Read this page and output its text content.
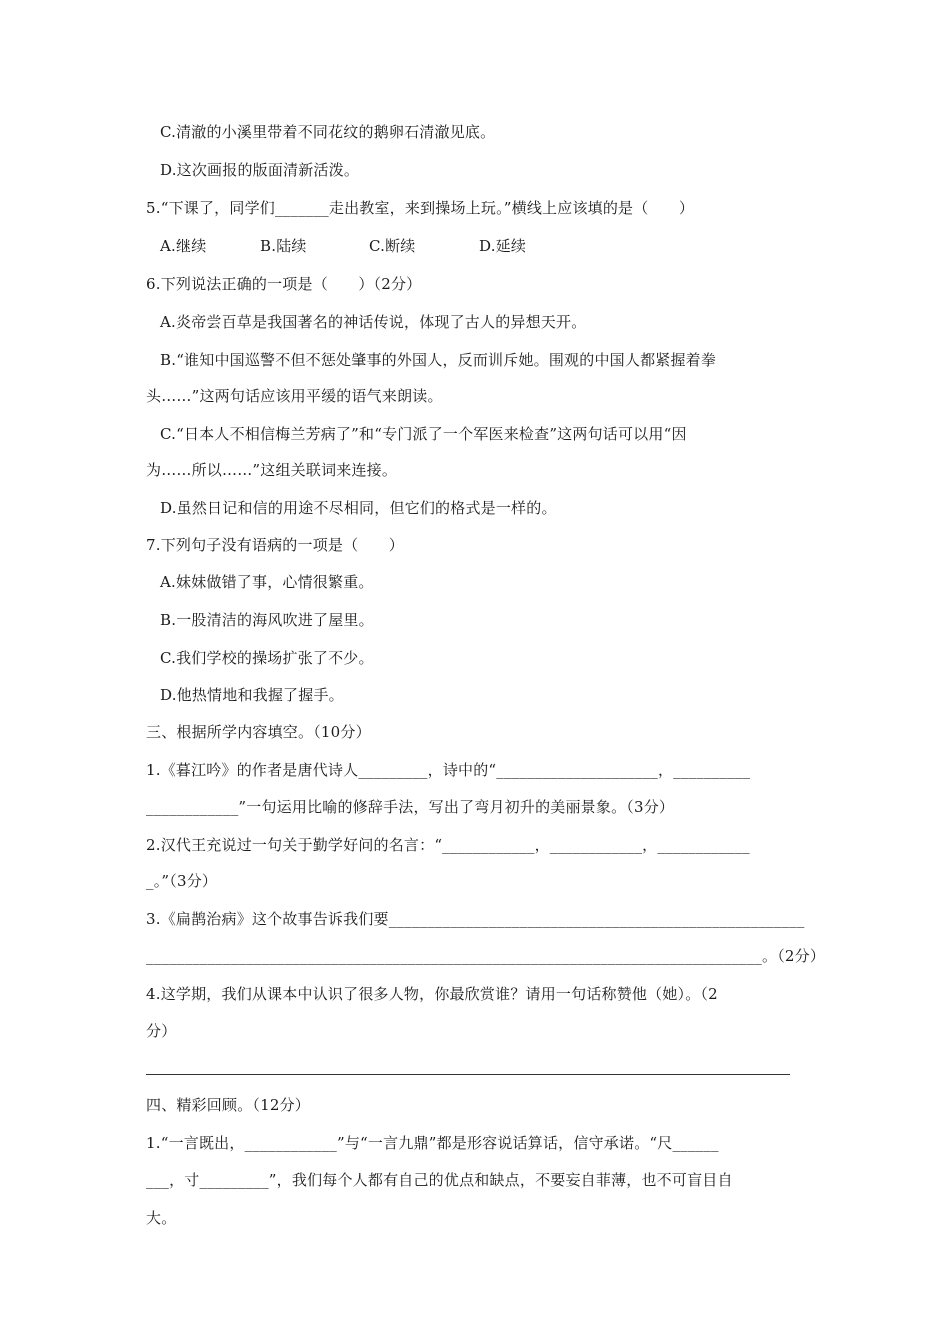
C.清澈的小溪里带着不同花纹的鹅卵石清澈见底。
D.这次画报的版面清新活泼。
5.“下课了，同学们_______走出教室，来到操场上玩。”横线上应该填的是（　　）
A.继续	B.陆续	C.断续	D.延续
6.下列说法正确的一项是（　　）（2分）
A.炎帝尝百草是我国著名的神话传说，体现了古人的异想天开。
B.“谁知中国巡警不但不惩处肇事的外国人，反而训斥她。围观的中国人都紧握着拳
头……”这两句话应该用平缓的语气来朗读。
C.“日本人不相信梅兰芳病了”和“专门派了一个军医来检查”这两句话可以用“因
为……所以……”这组关联词来连接。
D.虽然日记和信的用途不尽相同，但它们的格式是一样的。
7.下列句子没有语病的一项是（　　）
A.妹妹做错了事，心情很繁重。
B.一股清洁的海风吹进了屋里。
C.我们学校的操场扩张了不少。
D.他热情地和我握了握手。
三、根据所学内容填空。（10分）
1.《暮江吟》的作者是唐代诗人_________，诗中的“_____________________，__________
____________”一句运用比喻的修辞手法，写出了弯月初升的美丽景象。（3分）
2.汉代王充说过一句关于勤学好问的名言：“____________，____________，____________
_。”（3分）
3.《扁鹊治病》这个故事告诉我们要______________________________________________________
________________________________________________________________________________。（2分）
4.这学期，我们从课本中认识了很多人物，你最欣赏谁？请用一句话称赞他（她）。（2
分）
四、精彩回顾。（12分）
1.“一言既出，____________”与“一言九鼎”都是形容说话算话，信守承诺。“尺______
___，寸_________”，我们每个人都有自己的优点和缺点，不要妄自菲薄，也不可盲目自
大。
